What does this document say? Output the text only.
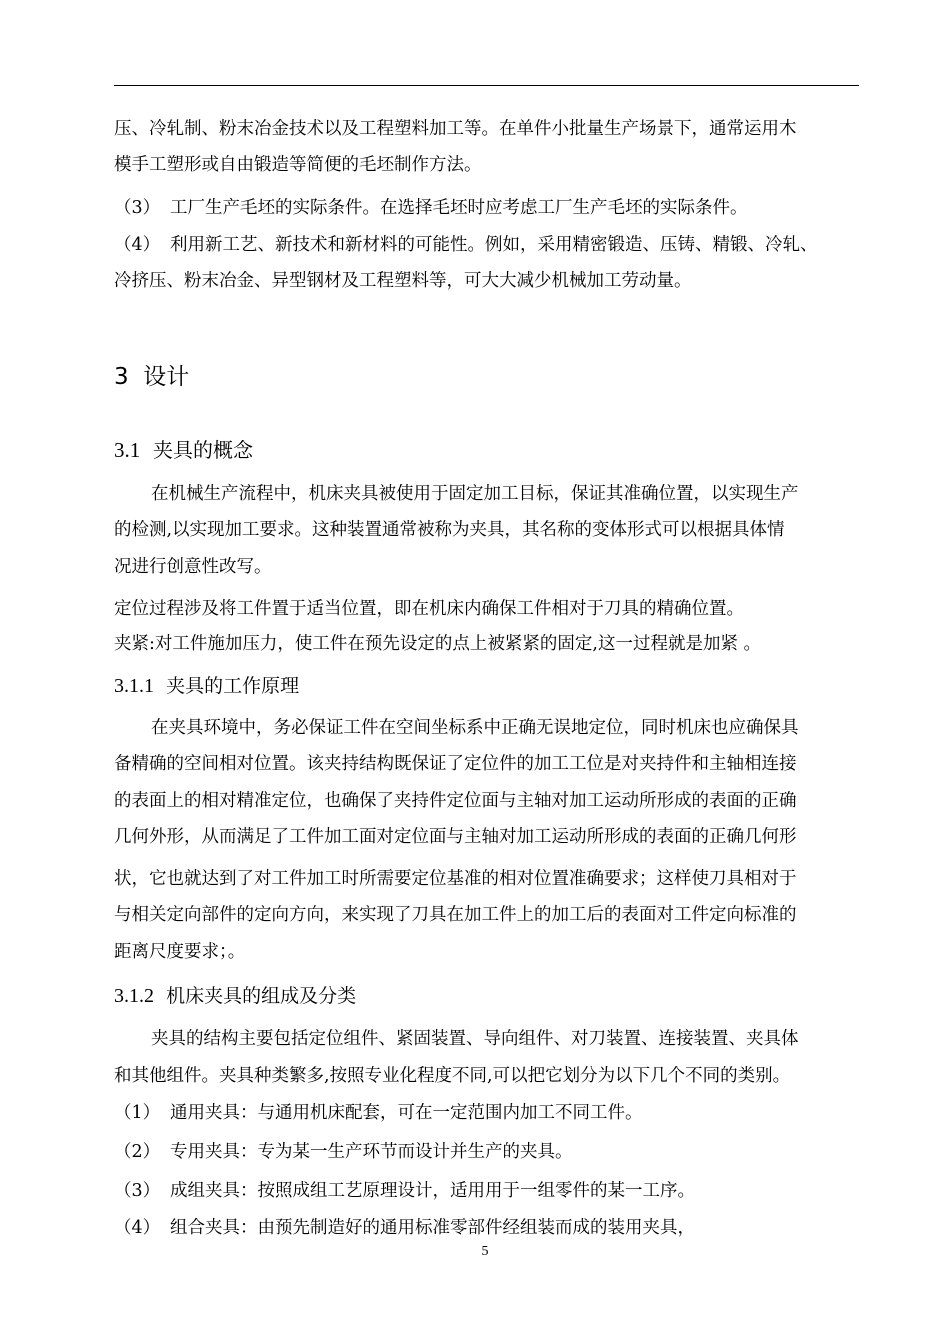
压、冷轧制、粉末冶金技术以及工程塑料加工等。在单件小批量生产场景下，通常运用木
模手工塑形或自由锻造等简便的毛坯制作方法。
（3） 工厂生产毛坯的实际条件。在选择毛坯时应考虑工厂生产毛坯的实际条件。
（4） 利用新工艺、新技术和新材料的可能性。例如，采用精密锻造、压铸、精锻、冷轧、
冷挤压、粉末冶金、异型钢材及工程塑料等，可大大减少机械加工劳动量。
3 设计
3.1 夹具的概念
在机械生产流程中，机床夹具被使用于固定加工目标，保证其准确位置，以实现生产
的检测,以实现加工要求。这种装置通常被称为夹具，其名称的变体形式可以根据具体情
况进行创意性改写。
定位过程涉及将工件置于适当位置，即在机床内确保工件相对于刀具的精确位置。
夹紧:对工件施加压力，使工件在预先设定的点上被紧紧的固定,这一过程就是加紧 。
3.1.1 夹具的工作原理
在夹具环境中，务必保证工件在空间坐标系中正确无误地定位，同时机床也应确保具
备精确的空间相对位置。该夹持结构既保证了定位件的加工工位是对夹持件和主轴相连接
的表面上的相对精准定位，也确保了夹持件定位面与主轴对加工运动所形成的表面的正确
几何外形，从而满足了工件加工面对定位面与主轴对加工运动所形成的表面的正确几何形
状，它也就达到了对工件加工时所需要定位基准的相对位置准确要求；这样使刀具相对于
与相关定向部件的定向方向，来实现了刀具在加工件上的加工后的表面对工件定向标准的
距离尺度要求；。
3.1.2 机床夹具的组成及分类
夹具的结构主要包括定位组件、紧固装置、导向组件、对刀装置、连接装置、夹具体
和其他组件。夹具种类繁多,按照专业化程度不同,可以把它划分为以下几个不同的类别。
（1） 通用夹具：与通用机床配套，可在一定范围内加工不同工件。
（2） 专用夹具：专为某一生产环节而设计并生产的夹具。
（3） 成组夹具：按照成组工艺原理设计，适用用于一组零件的某一工序。
（4） 组合夹具：由预先制造好的通用标准零部件经组装而成的装用夹具，
5
